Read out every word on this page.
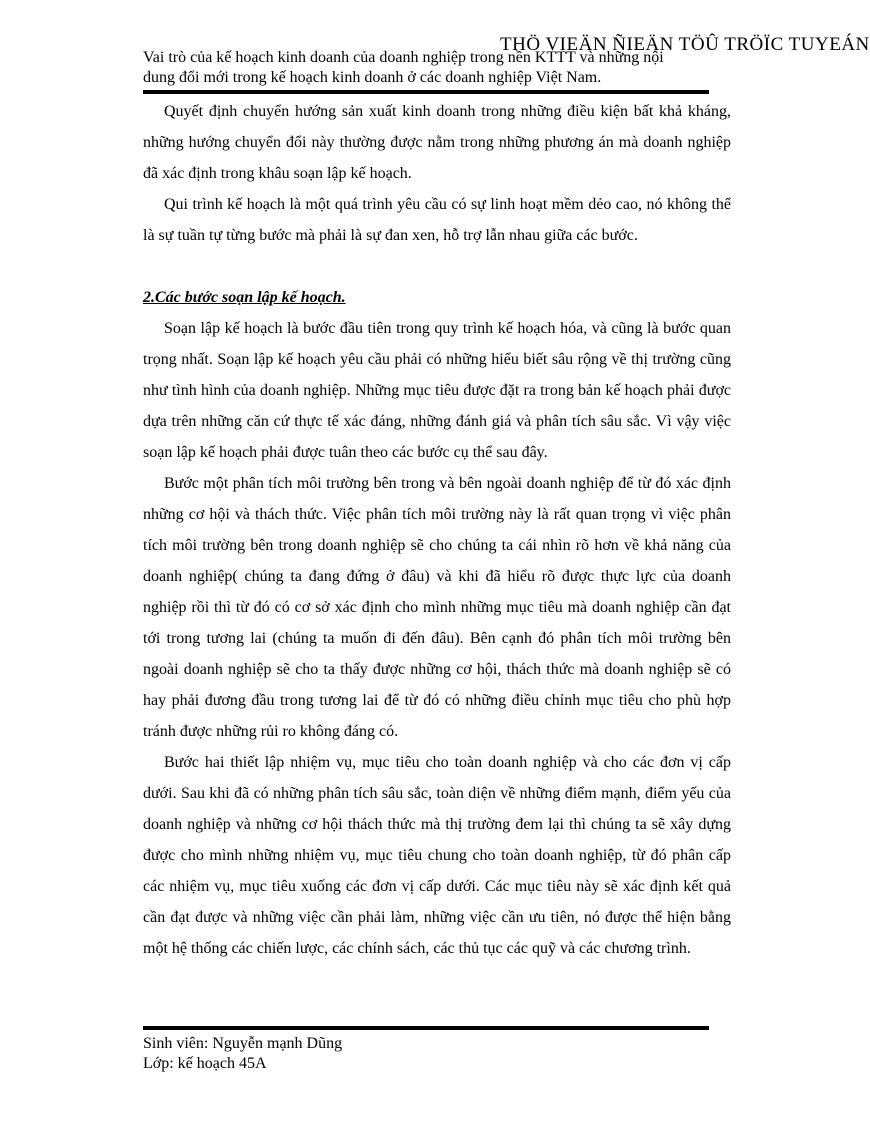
THÖ VIEÄN ÑIEÄN TÖÛ TRÖÏC TUYEÁN
Vai trò của kế hoạch kinh doanh của doanh nghiệp trong nền KTTT và những nội
dung đổi mới trong kế hoạch kinh doanh ở các doanh nghiệp Việt Nam.

Quyết định chuyển hướng sản xuất kinh doanh trong những điều kiện bất khả kháng, những hướng chuyển đổi này thường được nằm trong những phương án mà doanh nghiệp đã xác định trong khâu soạn lập kế hoạch.

Qui trình kế hoạch là một quá trình yêu cầu có sự linh hoạt mềm dẻo cao, nó không thể là sự tuần tự từng bước mà phải là sự đan xen, hỗ trợ lẫn nhau giữa các bước.

2.Các bước soạn lập kế hoạch.

Soạn lập kế hoạch là bước đầu tiên trong quy trình kế hoạch hóa, và cũng là bước quan trọng nhất. Soạn lập kế hoạch yêu cầu phải có những hiểu biết sâu rộng về thị trường cũng như tình hình của doanh nghiệp. Những mục tiêu được đặt ra trong bản kế hoạch phải được dựa trên những căn cứ thực tế xác đáng, những đánh giá và phân tích sâu sắc. Vì vậy việc soạn lập kế hoạch phải được tuân theo các bước cụ thể sau đây.

Bước một phân tích môi trường bên trong và bên ngoài doanh nghiệp để từ đó xác định những cơ hội và thách thức. Việc phân tích môi trường này là rất quan trọng vì việc phân tích môi trường bên trong doanh nghiệp sẽ cho chúng ta cái nhìn rõ hơn về khả năng của doanh nghiệp( chúng ta đang đứng ở đâu) và khi đã hiểu rõ được thực lực của doanh nghiệp rồi thì từ đó có cơ sở xác định cho mình những mục tiêu mà doanh nghiệp cần đạt tới trong tương lai (chúng ta muốn đi đến đâu). Bên cạnh đó phân tích môi trường bên ngoài doanh nghiệp sẽ cho ta thấy được những cơ hội, thách thức mà doanh nghiệp sẽ có hay phải đương đầu trong tương lai để từ đó có những điều chỉnh mục tiêu cho phù hợp tránh được những rủi ro không đáng có.

Bước hai thiết lập nhiệm vụ, mục tiêu cho toàn doanh nghiệp và cho các đơn vị cấp dưới. Sau khi đã có những phân tích sâu sắc, toàn diện về những điểm mạnh, điểm yếu của doanh nghiệp và những cơ hội thách thức mà thị trường đem lại thì chúng ta sẽ xây dựng được cho mình những nhiệm vụ, mục tiêu chung cho toàn doanh nghiệp, từ đó phân cấp các nhiệm vụ, mục tiêu xuống các đơn vị cấp dưới. Các mục tiêu này sẽ xác định kết quả cần đạt được và những việc cần phải làm, những việc cần ưu tiên, nó được thể hiện bằng một hệ thống các chiến lược, các chính sách, các thủ tục các quỹ và các chương trình.

Sinh viên: Nguyễn mạnh Dũng
Lớp: kế hoạch 45A
